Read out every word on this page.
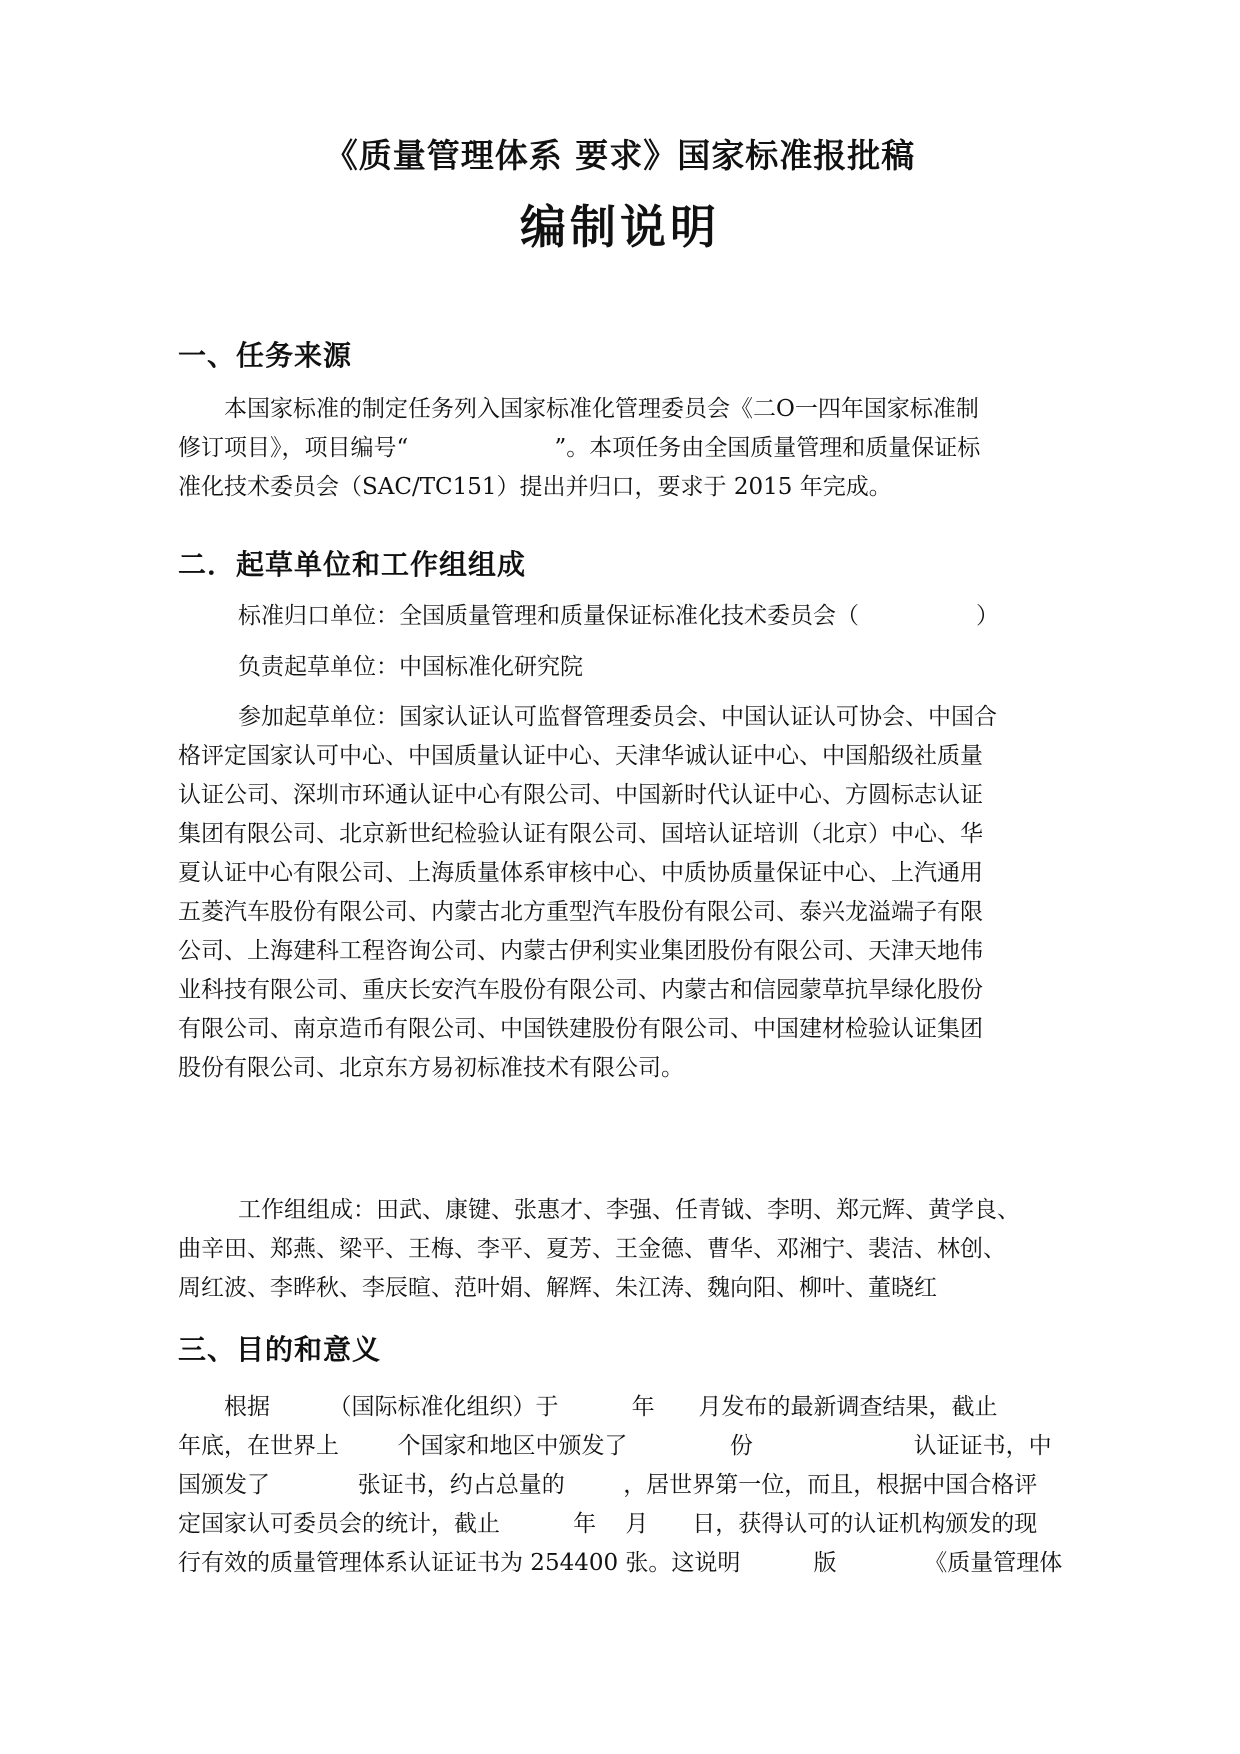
《质量管理体系 要求》国家标准报批稿
编制说明
一、任务来源
本国家标准的制定任务列入国家标准化管理委员会《二O一四年国家标准制
修订项目》，项目编号“                    ”。本项任务由全国质量管理和质量保证标
准化技术委员会（SAC/TC151）提出并归口，要求于 2015 年完成。
二．起草单位和工作组组成
标准归口单位：全国质量管理和质量保证标准化技术委员会（                ）
负责起草单位：中国标准化研究院
参加起草单位：国家认证认可监督管理委员会、中国认证认可协会、中国合
格评定国家认可中心、中国质量认证中心、天津华诚认证中心、中国船级社质量
认证公司、深圳市环通认证中心有限公司、中国新时代认证中心、方圆标志认证
集团有限公司、北京新世纪检验认证有限公司、国培认证培训（北京）中心、华
夏认证中心有限公司、上海质量体系审核中心、中质协质量保证中心、上汽通用
五菱汽车股份有限公司、内蒙古北方重型汽车股份有限公司、泰兴龙溢端子有限
公司、上海建科工程咨询公司、内蒙古伊利实业集团股份有限公司、天津天地伟
业科技有限公司、重庆长安汽车股份有限公司、内蒙古和信园蒙草抗旱绿化股份
有限公司、南京造币有限公司、中国铁建股份有限公司、中国建材检验认证集团
股份有限公司、北京东方易初标准技术有限公司。
工作组组成：田武、康键、张惠才、李强、任青钺、李明、郑元辉、黄学良、
曲辛田、郑燕、梁平、王梅、李平、夏芳、王金德、曹华、邓湘宁、裴洁、林创、
周红波、李晔秋、李辰暄、范叶娟、解辉、朱江涛、魏向阳、柳叶、董晓红
三、目的和意义
根据        （国际标准化组织）于          年      月发布的最新调查结果，截止
年底，在世界上        个国家和地区中颁发了              份                      认证证书，中
国颁发了            张证书，约占总量的        ，居世界第一位，而且，根据中国合格评
定国家认可委员会的统计，截止          年    月      日，获得认可的认证机构颁发的现
行有效的质量管理体系认证证书为 254400 张。这说明          版            《质量管理体
